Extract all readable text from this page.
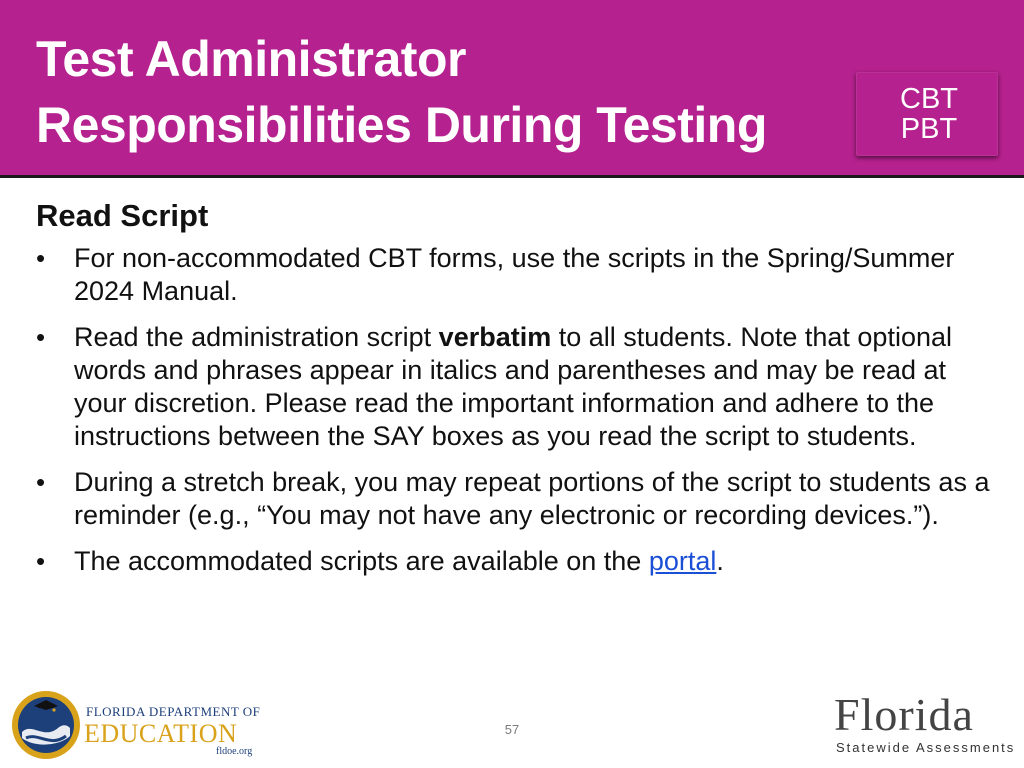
Test Administrator
Responsibilities During Testing	CBT
PBT
Read Script
• For non-accommodated CBT forms, use the scripts in the Spring/Summer 2024 Manual.
• Read the administration script verbatim to all students. Note that optional words and phrases appear in italics and parentheses and may be read at your discretion. Please read the important information and adhere to the instructions between the SAY boxes as you read the script to students.
• During a stretch break, you may repeat portions of the script to students as a reminder (e.g., “You may not have any electronic or recording devices.”).
• The accommodated scripts are available on the portal.
FLORIDA DEPARTMENT OF
EDUCATION
fldoe.org
57	Florida
Statewide Assessments
